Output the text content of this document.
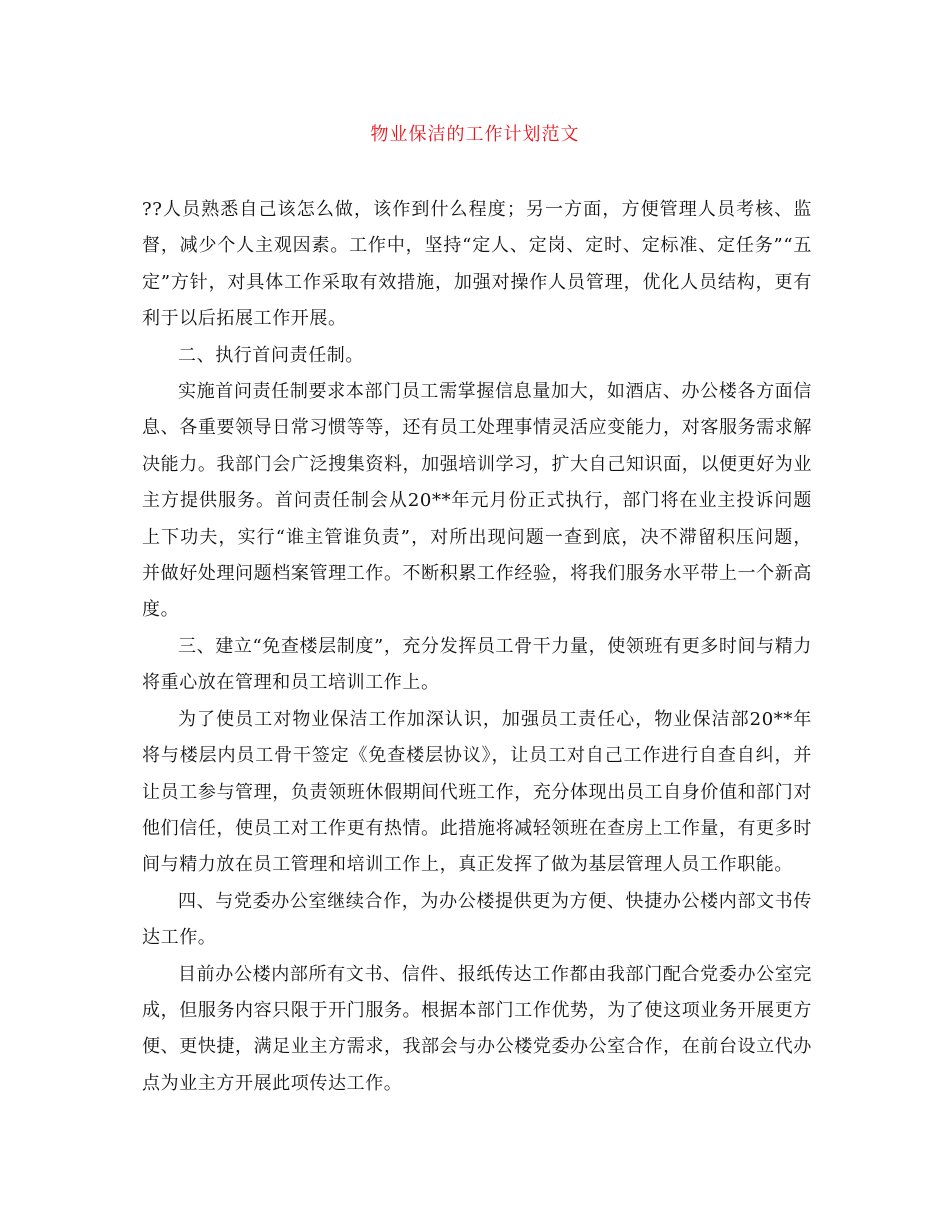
物业保洁的工作计划范文

??人员熟悉自己该怎么做，该作到什么程度；另一方面，方便管理人员考核、监督，减少个人主观因素。工作中，坚持“定人、定岗、定时、定标准、定任务”“五定”方针，对具体工作采取有效措施，加强对操作人员管理，优化人员结构，更有利于以后拓展工作开展。

二、执行首问责任制。

实施首问责任制要求本部门员工需掌握信息量加大，如酒店、办公楼各方面信息、各重要领导日常习惯等等，还有员工处理事情灵活应变能力，对客服务需求解决能力。我部门会广泛搜集资料，加强培训学习，扩大自己知识面，以便更好为业主方提供服务。首问责任制会从20**年元月份正式执行，部门将在业主投诉问题上下功夫，实行“谁主管谁负责”，对所出现问题一查到底，决不滞留积压问题，并做好处理问题档案管理工作。不断积累工作经验，将我们服务水平带上一个新高度。

三、建立“免查楼层制度”，充分发挥员工骨干力量，使领班有更多时间与精力将重心放在管理和员工培训工作上。

为了使员工对物业保洁工作加深认识，加强员工责任心，物业保洁部20**年将与楼层内员工骨干签定《免查楼层协议》，让员工对自己工作进行自查自纠，并让员工参与管理，负责领班休假期间代班工作，充分体现出员工自身价值和部门对他们信任，使员工对工作更有热情。此措施将减轻领班在查房上工作量，有更多时间与精力放在员工管理和培训工作上，真正发挥了做为基层管理人员工作职能。

四、与党委办公室继续合作，为办公楼提供更为方便、快捷办公楼内部文书传达工作。

目前办公楼内部所有文书、信件、报纸传达工作都由我部门配合党委办公室完成，但服务内容只限于开门服务。根据本部门工作优势，为了使这项业务开展更方便、更快捷，满足业主方需求，我部会与办公楼党委办公室合作，在前台设立代办点为业主方开展此项传达工作。
